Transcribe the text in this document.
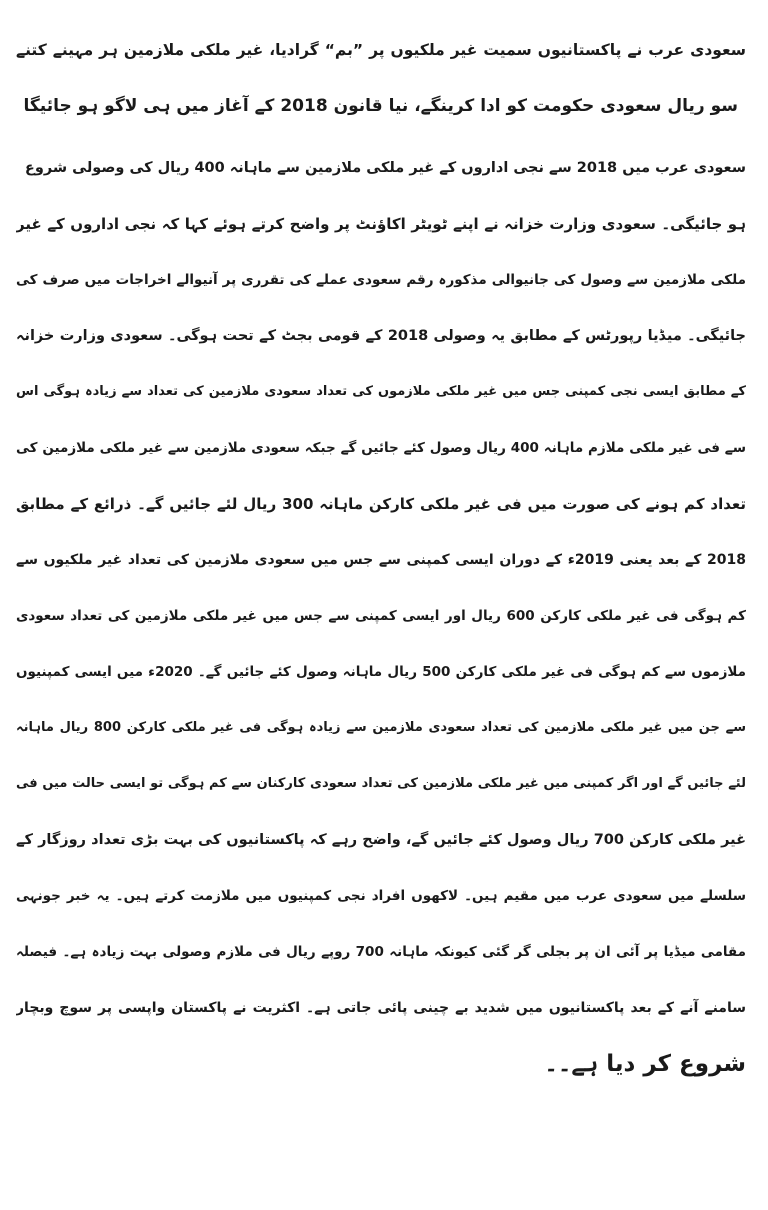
سعودی عرب نے پاکستانیوں سمیت غیر ملکیوں پر ”بم“ گرادیا، غیر ملکی ملازمین ہر مہینے کتنے
سو ریال سعودی حکومت کو ادا کرینگے، نیا قانون 2018 کے آغاز میں ہی لاگو ہو جائیگا
سعودی عرب میں 2018 سے نجی اداروں کے غیر ملکی ملازمین سے ماہانہ 400 ریال کی وصولی شروع
ہو جائیگی۔ سعودی وزارت خزانہ نے اپنے ٹویٹر اکاؤنٹ پر واضح کرتے ہوئے کہا کہ نجی اداروں کے غیر
ملکی ملازمین سے وصول کی جانیوالی مذکورہ رقم سعودی عملے کی تقرری پر آنیوالے اخراجات میں صرف کی
جائیگی۔ میڈیا رپورٹس کے مطابق یہ وصولی 2018 کے قومی بجٹ کے تحت ہوگی۔ سعودی وزارت خزانہ
کے مطابق ایسی نجی کمپنی جس میں غیر ملکی ملازموں کی تعداد سعودی ملازمین کی تعداد سے زیادہ ہوگی اس
سے فی غیر ملکی ملازم ماہانہ 400 ریال وصول کئے جائیں گے جبکہ سعودی ملازمین سے غیر ملکی ملازمین کی
تعداد کم ہونے کی صورت میں فی غیر ملکی کارکن ماہانہ 300 ریال لئے جائیں گے۔ ذرائع کے مطابق
2018 کے بعد یعنی 2019ء کے دوران ایسی کمپنی سے جس میں سعودی ملازمین کی تعداد غیر ملکیوں سے
کم ہوگی فی غیر ملکی کارکن 600 ریال اور ایسی کمپنی سے جس میں غیر ملکی ملازمین کی تعداد سعودی
ملازموں سے کم ہوگی فی غیر ملکی کارکن 500 ریال ماہانہ وصول کئے جائیں گے۔ 2020ء میں ایسی کمپنیوں
سے جن میں غیر ملکی ملازمین کی تعداد سعودی ملازمین سے زیادہ ہوگی فی غیر ملکی کارکن 800 ریال ماہانہ
لئے جائیں گے اور اگر کمپنی میں غیر ملکی ملازمین کی تعداد سعودی کارکنان سے کم ہوگی تو ایسی حالت میں فی
غیر ملکی کارکن 700 ریال وصول کئے جائیں گے، واضح رہے کہ پاکستانیوں کی بہت بڑی تعداد روزگار کے
سلسلے میں سعودی عرب میں مقیم ہیں۔ لاکھوں افراد نجی کمپنیوں میں ملازمت کرتے ہیں۔ یہ خبر جونہی
مقامی میڈیا پر آئی ان پر بجلی گر گئی کیونکہ ماہانہ 700 روپے ریال فی ملازم وصولی بہت زیادہ ہے۔ فیصلہ
سامنے آنے کے بعد پاکستانیوں میں شدید بے چینی پائی جاتی ہے۔ اکثریت نے پاکستان واپسی پر سوچ وبچار
شروع کر دیا ہے۔۔
